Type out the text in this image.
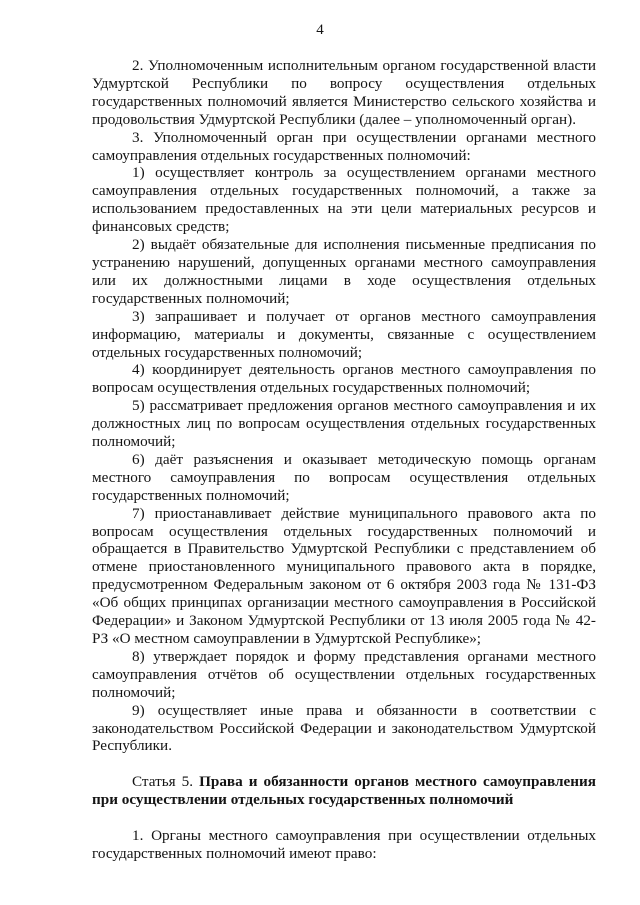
4

2. Уполномоченным исполнительным органом государственной власти Удмуртской Республики по вопросу осуществления отдельных государственных полномочий является Министерство сельского хозяйства и продовольствия Удмуртской Республики (далее – уполномоченный орган).

3. Уполномоченный орган при осуществлении органами местного самоуправления отдельных государственных полномочий:

1) осуществляет контроль за осуществлением органами местного самоуправления отдельных государственных полномочий, а также за использованием предоставленных на эти цели материальных ресурсов и финансовых средств;

2) выдаёт обязательные для исполнения письменные предписания по устранению нарушений, допущенных органами местного самоуправления или их должностными лицами в ходе осуществления отдельных государственных полномочий;

3) запрашивает и получает от органов местного самоуправления информацию, материалы и документы, связанные с осуществлением отдельных государственных полномочий;

4) координирует деятельность органов местного самоуправления по вопросам осуществления отдельных государственных полномочий;

5) рассматривает предложения органов местного самоуправления и их должностных лиц по вопросам осуществления отдельных государственных полномочий;

6) даёт разъяснения и оказывает методическую помощь органам местного самоуправления по вопросам осуществления отдельных государственных полномочий;

7) приостанавливает действие муниципального правового акта по вопросам осуществления отдельных государственных полномочий и обращается в Правительство Удмуртской Республики с представлением об отмене приостановленного муниципального правового акта в порядке, предусмотренном Федеральным законом от 6 октября 2003 года № 131-ФЗ «Об общих принципах организации местного самоуправления в Российской Федерации» и Законом Удмуртской Республики от 13 июля 2005 года № 42-РЗ «О местном самоуправлении в Удмуртской Республике»;

8) утверждает порядок и форму представления органами местного самоуправления отчётов об осуществлении отдельных государственных полномочий;

9) осуществляет иные права и обязанности в соответствии с законодательством Российской Федерации и законодательством Удмуртской Республики.

Статья 5. Права и обязанности органов местного самоуправления при осуществлении отдельных государственных полномочий

1. Органы местного самоуправления при осуществлении отдельных государственных полномочий имеют право:
